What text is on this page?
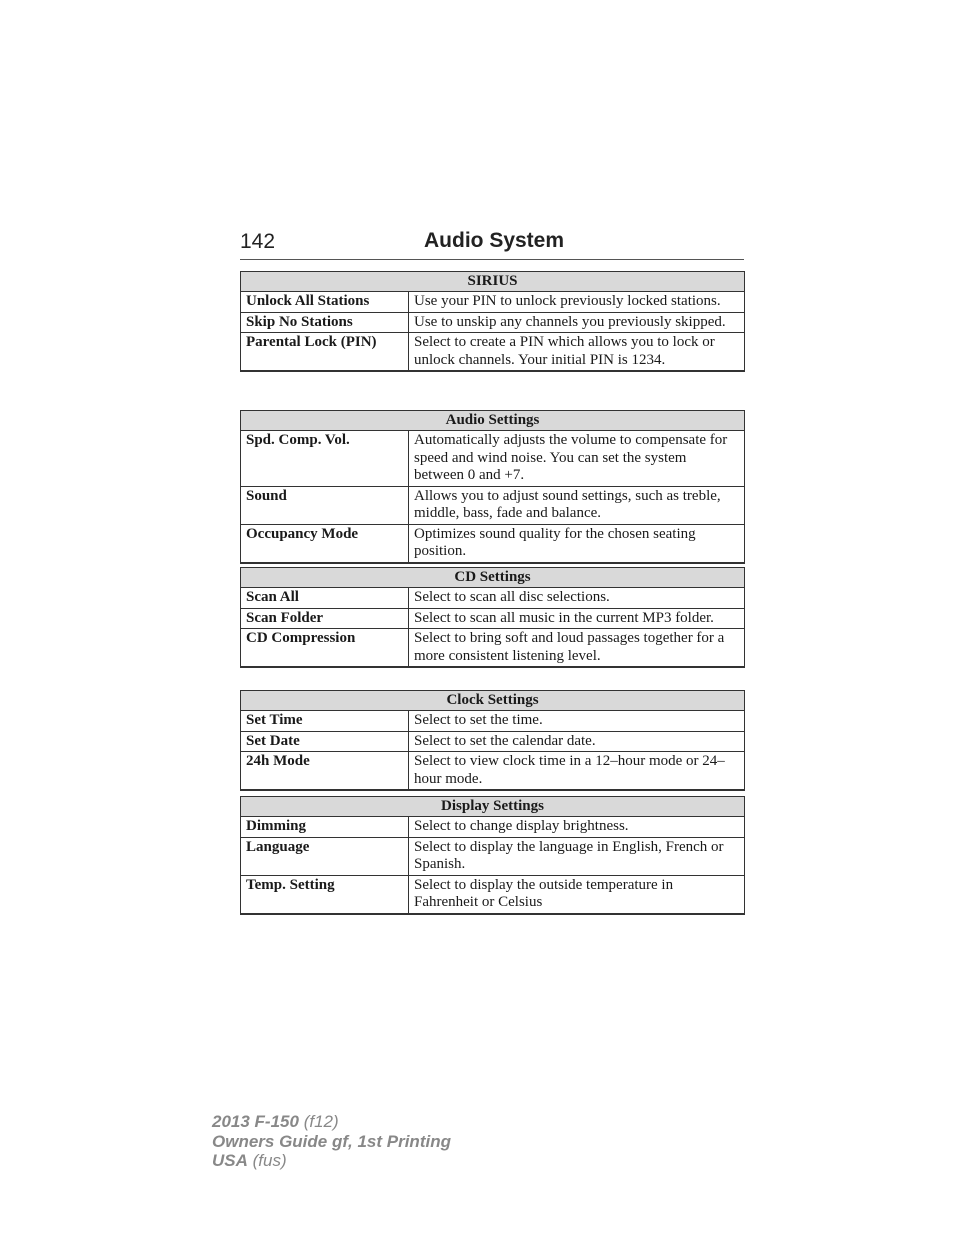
142	Audio System
SIRIUS	
Unlock All Stations	Use your PIN to unlock previously locked stations.
Skip No Stations	Use to unskip any channels you previously skipped.
Parental Lock (PIN)	Select to create a PIN which allows you to lock or unlock channels. Your initial PIN is 1234.
Audio Settings	
Spd. Comp. Vol.	Automatically adjusts the volume to compensate for speed and wind noise. You can set the system between 0 and +7.
Sound	Allows you to adjust sound settings, such as treble, middle, bass, fade and balance.
Occupancy Mode	Optimizes sound quality for the chosen seating position.
CD Settings	
Scan All	Select to scan all disc selections.
Scan Folder	Select to scan all music in the current MP3 folder.
CD Compression	Select to bring soft and loud passages together for a more consistent listening level.
Clock Settings	
Set Time	Select to set the time.
Set Date	Select to set the calendar date.
24h Mode	Select to view clock time in a 12–hour mode or 24–hour mode.
Display Settings	
Dimming	Select to change display brightness.
Language	Select to display the language in English, French or Spanish.
Temp. Setting	Select to display the outside temperature in Fahrenheit or Celsius
2013 F-150 (f12)
Owners Guide gf, 1st Printing
USA (fus)
